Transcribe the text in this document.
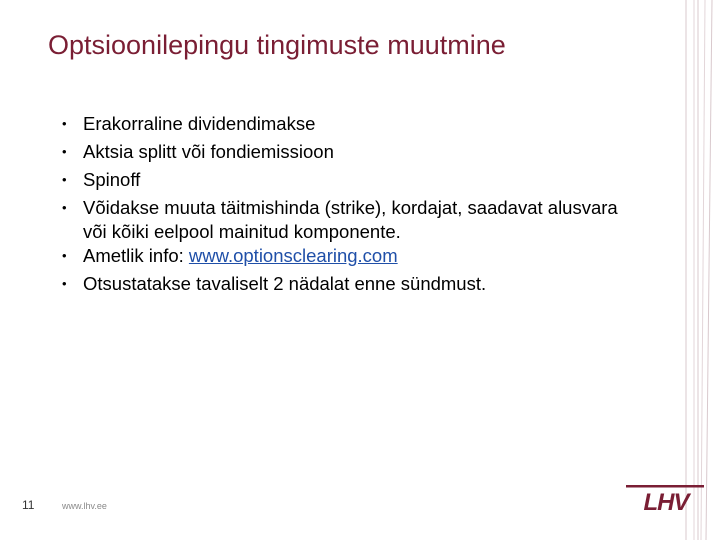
Optsioonilepingu tingimuste muutmine
• Erakorraline dividendimakse
• Aktsia splitt või fondiemissioon
• Spinoff
• Võidakse muuta täitmishinda (strike), kordajat, saadavat alusvara või kõiki eelpool mainitud komponente.
• Ametlik info: www.optionsclearing.com
• Otsustatakse tavaliselt 2 nädalat enne sündmust.
11	www.lhv.ee	LHV
